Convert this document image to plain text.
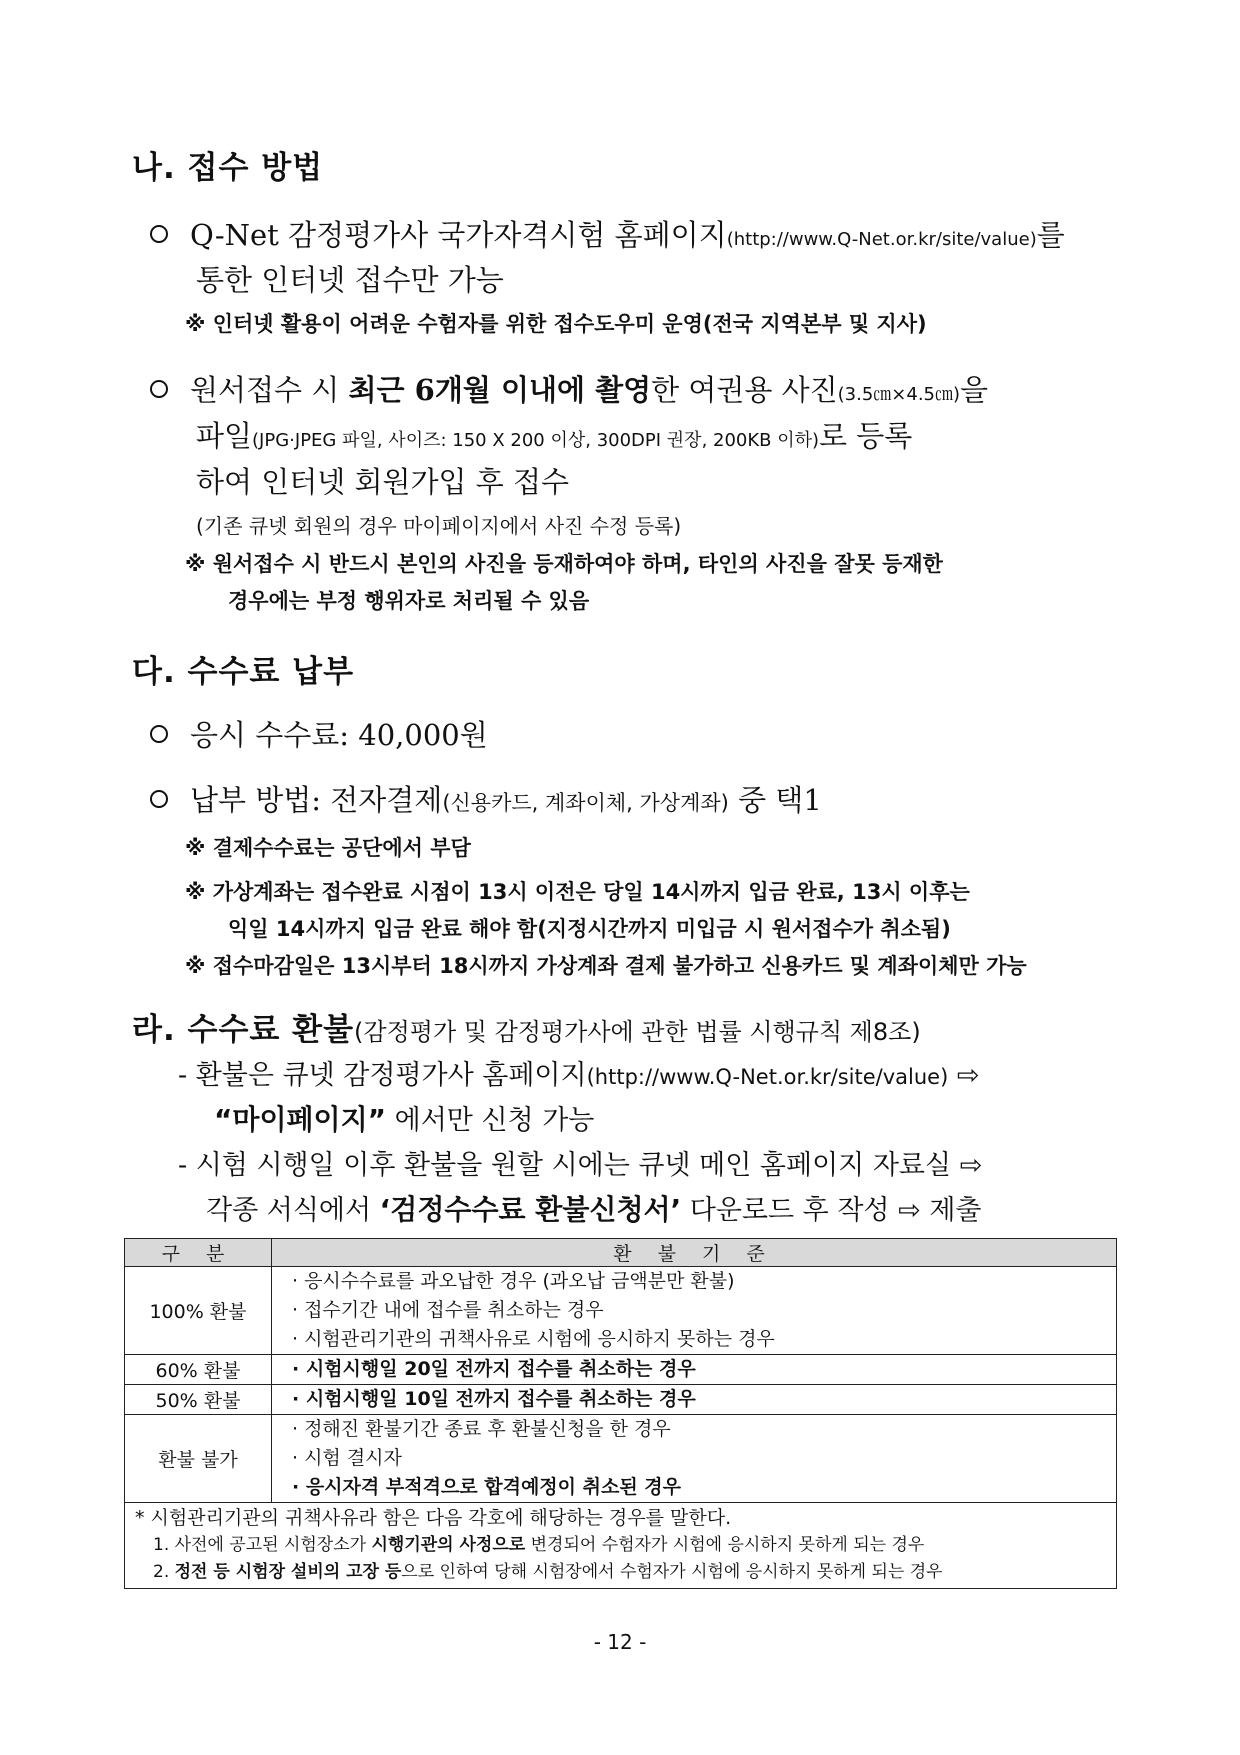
나. 접수 방법
Q-Net 감정평가사 국가자격시험 홈페이지(http://www.Q-Net.or.kr/site/value)를
통한 인터넷 접수만 가능
※ 인터넷 활용이 어려운 수험자를 위한 접수도우미 운영(전국 지역본부 및 지사)
원서접수 시 최근 6개월 이내에 촬영한 여권용 사진(3.5㎝×4.5㎝)을
파일(JPG·JPEG 파일, 사이즈: 150 X 200 이상, 300DPI 권장, 200KB 이하)로 등록
하여 인터넷 회원가입 후 접수
(기존 큐넷 회원의 경우 마이페이지에서 사진 수정 등록)
※ 원서접수 시 반드시 본인의 사진을 등재하여야 하며, 타인의 사진을 잘못 등재한
경우에는 부정 행위자로 처리될 수 있음
다. 수수료 납부
응시 수수료: 40,000원
납부 방법: 전자결제(신용카드, 계좌이체, 가상계좌) 중 택1
※ 결제수수료는 공단에서 부담
※ 가상계좌는 접수완료 시점이 13시 이전은 당일 14시까지 입금 완료, 13시 이후는
익일 14시까지 입금 완료 해야 함(지정시간까지 미입금 시 원서접수가 취소됨)
※ 접수마감일은 13시부터 18시까지 가상계좌 결제 불가하고 신용카드 및 계좌이체만 가능
라. 수수료 환불(감정평가 및 감정평가사에 관한 법률 시행규칙 제8조)
- 환불은 큐넷 감정평가사 홈페이지(http://www.Q-Net.or.kr/site/value) ⇨
“마이페이지” 에서만 신청 가능
- 시험 시행일 이후 환불을 원할 시에는 큐넷 메인 홈페이지 자료실 ⇨
각종 서식에서 ‘검정수수료 환불신청서’ 다운로드 후 작성 ⇨ 제출
구 분	환 불 기 준
100% 환불	· 응시수수료를 과오납한 경우 (과오납 금액분만 환불)
· 접수기간 내에 접수를 취소하는 경우
· 시험관리기관의 귀책사유로 시험에 응시하지 못하는 경우

60% 환불	· 시험시행일 20일 전까지 접수를 취소하는 경우

50% 환불	· 시험시행일 10일 전까지 접수를 취소하는 경우

환불 불가	· 정해진 환불기간 종료 후 환불신청을 한 경우
· 시험 결시자
· 응시자격 부적격으로 합격예정이 취소된 경우

* 시험관리기관의 귀책사유라 함은 다음 각호에 해당하는 경우를 말한다.
1. 사전에 공고된 시험장소가 시행기관의 사정으로 변경되어 수험자가 시험에 응시하지 못하게 되는 경우
2. 정전 등 시험장 설비의 고장 등으로 인하여 당해 시험장에서 수험자가 시험에 응시하지 못하게 되는 경우	
- 12 -
